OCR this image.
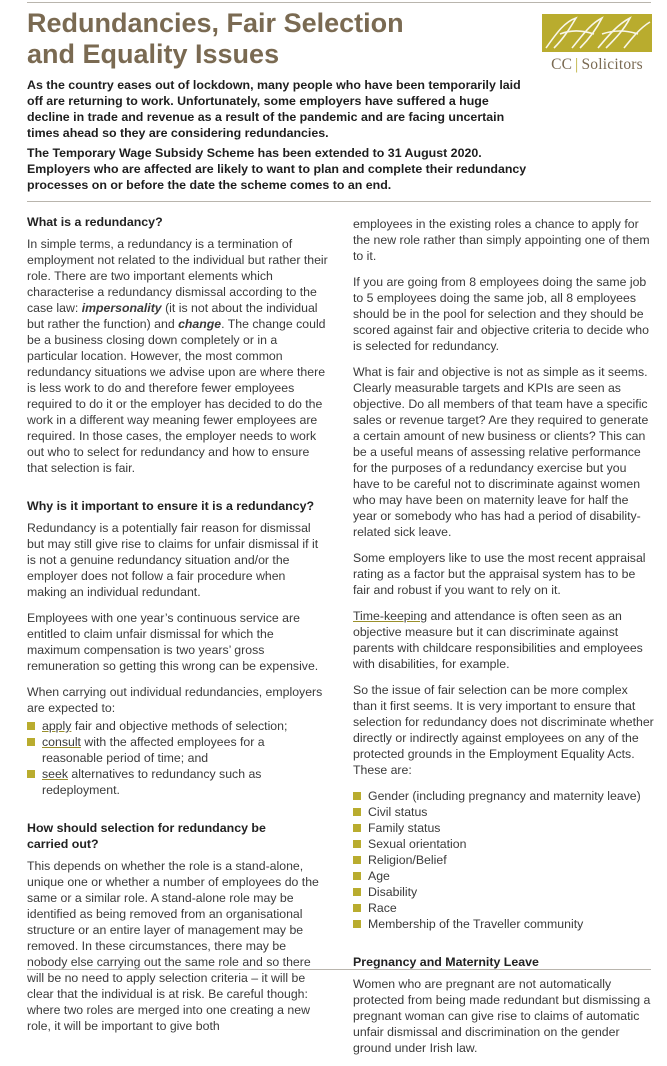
Redundancies, Fair Selection
and Equality Issues	CC | Solicitors

As the country eases out of lockdown, many people who have been temporarily laid off are returning to work. Unfortunately, some employers have suffered a huge decline in trade and revenue as a result of the pandemic and are facing uncertain times ahead so they are considering redundancies.

The Temporary Wage Subsidy Scheme has been extended to 31 August 2020. Employers who are affected are likely to want to plan and complete their redundancy processes on or before the date the scheme comes to an end.

What is a redundancy?

In simple terms, a redundancy is a termination of employment not related to the individual but rather their role. There are two important elements which characterise a redundancy dismissal according to the case law: impersonality (it is not about the individual but rather the function) and change. The change could be a business closing down completely or in a particular location. However, the most common redundancy situations we advise upon are where there is less work to do and therefore fewer employees required to do it or the employer has decided to do the work in a different way meaning fewer employees are required. In those cases, the employer needs to work out who to select for redundancy and how to ensure that selection is fair.

Why is it important to ensure it is a redundancy?

Redundancy is a potentially fair reason for dismissal but may still give rise to claims for unfair dismissal if it is not a genuine redundancy situation and/or the employer does not follow a fair procedure when making an individual redundant.

Employees with one year’s continuous service are entitled to claim unfair dismissal for which the maximum compensation is two years’ gross remuneration so getting this wrong can be expensive.

When carrying out individual redundancies, employers are expected to:

apply fair and objective methods of selection;
consult with the affected employees for a reasonable period of time; and
seek alternatives to redundancy such as redeployment.
How should selection for redundancy be carried out?

This depends on whether the role is a stand-alone, unique one or whether a number of employees do the same or a similar role. A stand-alone role may be identified as being removed from an organisational structure or an entire layer of management may be removed. In these circumstances, there may be nobody else carrying out the same role and so there will be no need to apply selection criteria – it will be clear that the individual is at risk. Be careful though: where two roles are merged into one creating a new role, it will be important to give both

employees in the existing roles a chance to apply for the new role rather than simply appointing one of them to it.

If you are going from 8 employees doing the same job to 5 employees doing the same job, all 8 employees should be in the pool for selection and they should be scored against fair and objective criteria to decide who is selected for redundancy.

What is fair and objective is not as simple as it seems. Clearly measurable targets and KPIs are seen as objective. Do all members of that team have a specific sales or revenue target? Are they required to generate a certain amount of new business or clients? This can be a useful means of assessing relative performance for the purposes of a redundancy exercise but you have to be careful not to discriminate against women who may have been on maternity leave for half the year or somebody who has had a period of disability-related sick leave.

Some employers like to use the most recent appraisal rating as a factor but the appraisal system has to be fair and robust if you want to rely on it.

Time-keeping and attendance is often seen as an objective measure but it can discriminate against parents with childcare responsibilities and employees with disabilities, for example.

So the issue of fair selection can be more complex than it first seems. It is very important to ensure that selection for redundancy does not discriminate whether directly or indirectly against employees on any of the protected grounds in the Employment Equality Acts. These are:

Gender (including pregnancy and maternity leave)
Civil status
Family status
Sexual orientation
Religion/Belief
Age
Disability
Race
Membership of the Traveller community
Pregnancy and Maternity Leave

Women who are pregnant are not automatically protected from being made redundant but dismissing a pregnant woman can give rise to claims of automatic unfair dismissal and discrimination on the gender ground under Irish law.
